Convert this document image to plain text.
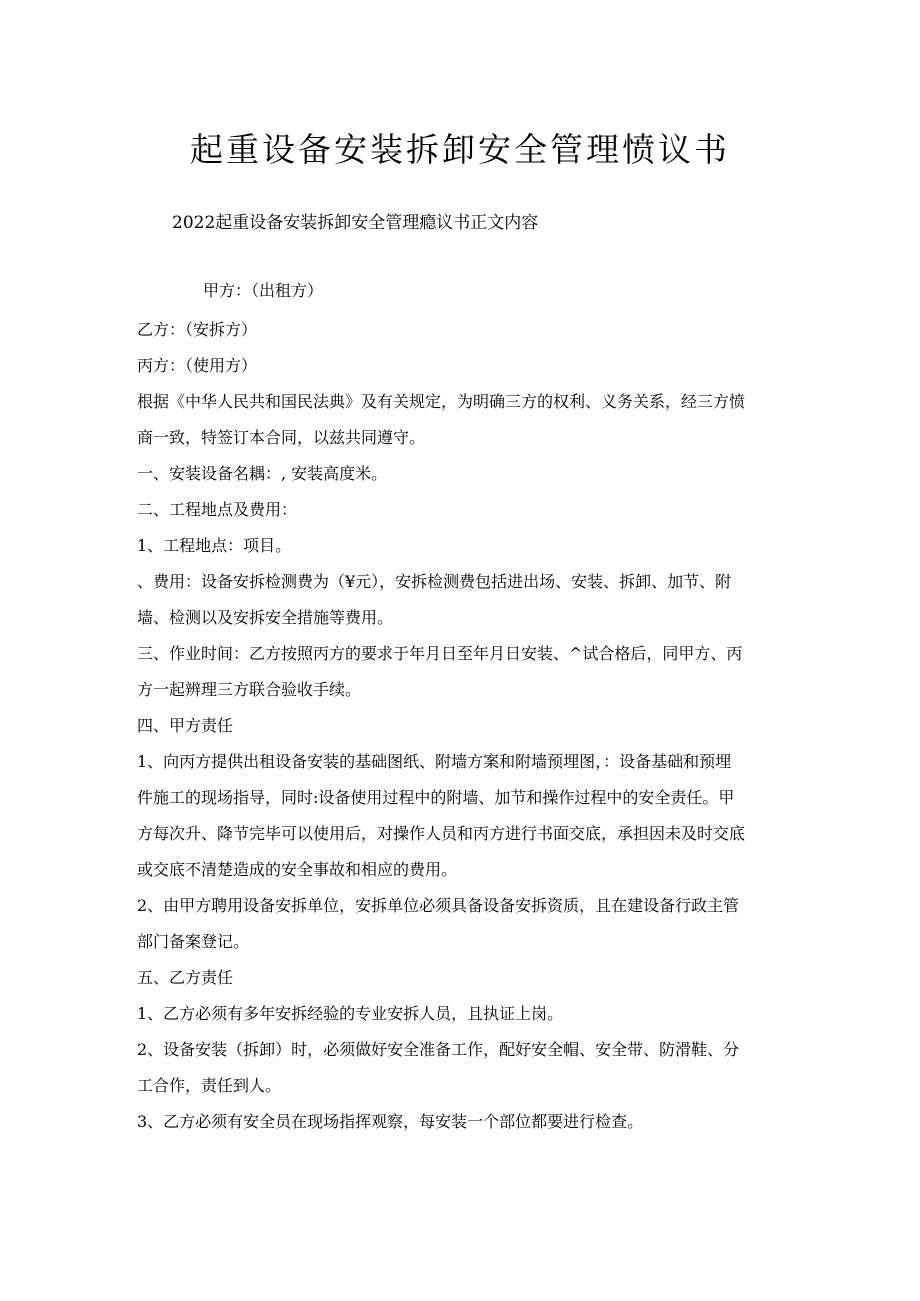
起重设备安装拆卸安全管理愤议书
2022起重设备安装拆卸安全管理瘾议书正文内容
甲方：（出租方）

乙方：（安拆方）

丙方：（使用方）

根据《中华人民共和国民法典》及有关规定，为明确三方的权利、义务关系，经三方愤
商一致，特签订本合同，以兹共同遵守。

一、安装设备名耦：, 安装高度米。

二、工程地点及费用：

1、工程地点：项目。

、费用：设备安拆检测费为（¥元），安拆检测费包括进出场、安装、拆卸、加节、附
墙、检测以及安拆安全措施等费用。

三、作业时间：乙方按照丙方的要求于年月日至年月日安装、^试合格后，同甲方、丙
方一起辨理三方联合验收手续。

四、甲方责任

1、向丙方提供出租设备安装的基础图纸、附墙方案和附墙预埋图，：设备基础和预埋
件施工的现场指导，同时:设备使用过程中的附墙、加节和操作过程中的安全责任。甲
方每次升、降节完毕可以使用后，对操作人员和丙方进行书面交底，承担因未及时交底
或交底不清楚造成的安全事故和相应的费用。

2、由甲方聘用设备安拆单位，安拆单位必须具备设备安拆资质，且在建设备行政主管
部门备案登记。

五、乙方责任

1、乙方必须有多年安拆经验的专业安拆人员，且执证上岗。

2、设备安装（拆卸）时，必须做好安全准备工作，配好安全帽、安全带、防滑鞋、分
工合作，责任到人。

3、乙方必须有安全员在现场指挥观察，每安装一个部位都要进行检查。
